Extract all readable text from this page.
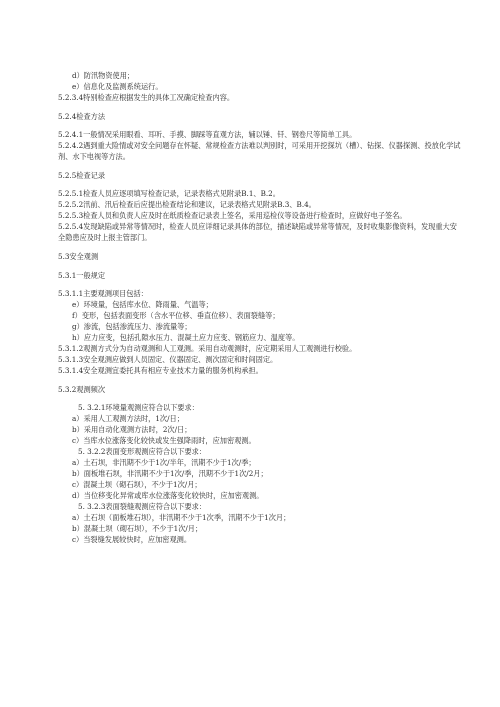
d）防汛物资使用；
e）信息化及监测系统运行。
5.2.3.4特别检查应根据发生的具体工况确定检查内容。
5.2.4检查方法
5.2.4.1一般情况采用眼看、耳听、手摸、脚踩等直观方法，辅以锤、钎、钢卷尺等简单工具。
5.2.4.2遇到重大险情或对安全问题存在怀疑、常规检查方法难以判别时，可采用开挖探坑（槽）、钻探、仪器探测、投放化学试剂、水下电视等方法。
5.2.5检查记录
5.2.5.1检查人员应逐项填写检查记录，记录表格式见附录B.1、B.2。
5.2.5.2汛前、汛后检查后应提出检查结论和建议，记录表格式见附录B.3、B.4。
5.2.5.3检查人员和负责人应及时在纸质检查记录表上签名，采用巡检仪等设备进行检查时，应做好电子签名。
5.2.5.4发现缺陷或异常等情况时，检查人员应详细记录具体的部位，描述缺陷或异常等情况，及时收集影像资料，发现重大安全隐患应及时上报主管部门。
5.3安全观测
5.3.1一般规定
5.3.1.1主要观测项目包括：
e）环境量，包括库水位、降雨量、气温等；
f）变形，包括表面变形（含水平位移、垂直位移）、表面裂缝等；
g）渗流，包括渗流压力、渗流量等；
h）应力应变，包括孔隙水压力、混凝土应力应变、钢筋应力、温度等。
5.3.1.2观测方式分为自动观测和人工观测。采用自动观测时，应定期采用人工观测进行校验。
5.3.1.3安全观测应做到人员固定、仪器固定、测次固定和时间固定。
5.3.1.4安全观测宜委托具有相应专业技术力量的服务机构承担。
5.3.2观测频次
5. 3.2.1环境量观测应符合以下要求：
a）采用人工观测方法时，1次/日；
b）采用自动化观测方法时，2次/日；
c）当库水位涨落变化较快或发生强降雨时，应加密观测。
5. 3.2.2表面变形观测应符合以下要求：
a）土石坝，非汛期不少于1次/半年，汛期不少于1次/季；
b）面板堆石坝，非汛期不少于1次/季，汛期不少于1次/2月；
c）混凝土坝（砌石坝），不少于1次/月；
d）当位移变化异常或库水位涨落变化较快时，应加密观测。
5. 3.2.3表面裂缝观测应符合以下要求：
a）土石坝（面板堆石坝），非汛期不少于1次季，汛期不少于1次月；
b）混凝土坝（砌石坝），不少于1次/月；
c）当裂缝发展较快时，应加密观测。
